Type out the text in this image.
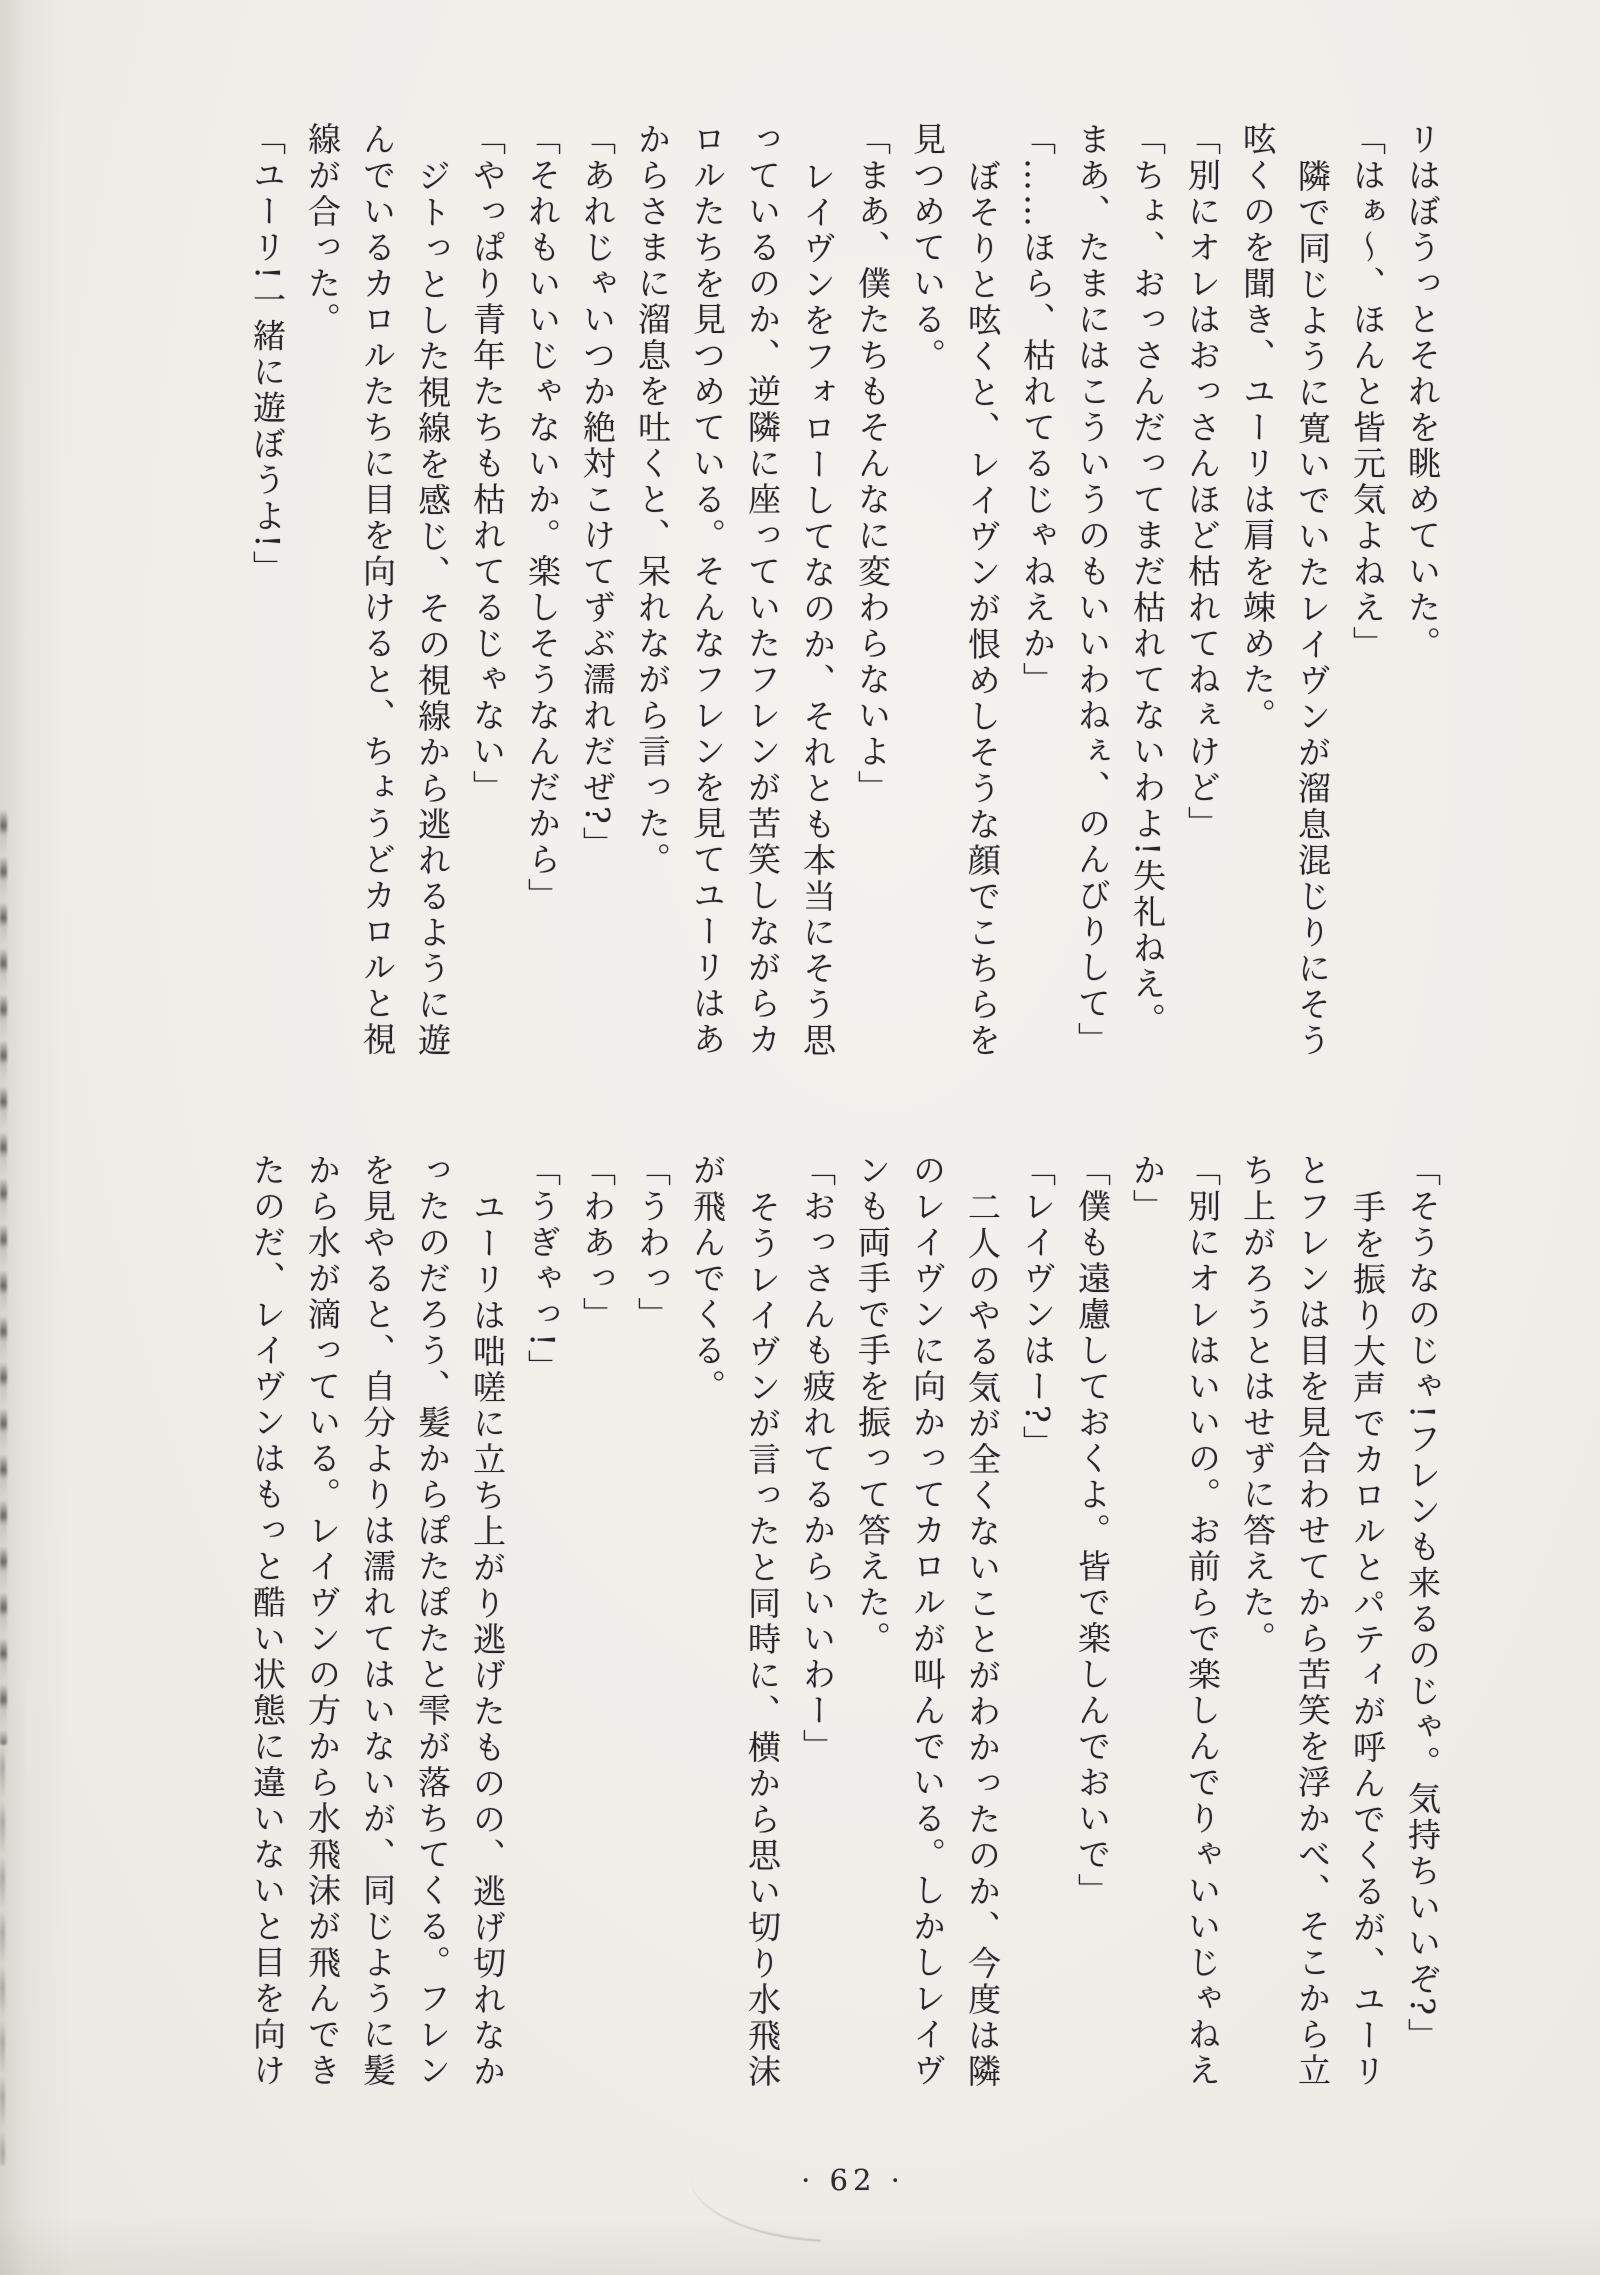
リはぼうっとそれを眺めていた。

「はぁ〜、ほんと皆元気よねえ」

隣で同じように寛いでいたレイヴンが溜息混じりにそう

呟くのを聞き、ユーリは肩を竦めた。

「別にオレはおっさんほど枯れてねぇけど」

「ちょ、おっさんだってまだ枯れてないわよ!失礼ねえ。

まあ、たまにはこういうのもいいわねぇ、のんびりして」

「……ほら、枯れてるじゃねえか」

ぼそりと呟くと、レイヴンが恨めしそうな顔でこちらを

見つめている。

「まあ、僕たちもそんなに変わらないよ」

レイヴンをフォローしてなのか、それとも本当にそう思

っているのか、逆隣に座っていたフレンが苦笑しながらカ

ロルたちを見つめている。そんなフレンを見てユーリはあ

からさまに溜息を吐くと、呆れながら言った。

「あれじゃいつか絶対こけてずぶ濡れだぜ?」

「それもいいじゃないか。楽しそうなんだから」

「やっぱり青年たちも枯れてるじゃない」

ジトっとした視線を感じ、その視線から逃れるように遊

んでいるカロルたちに目を向けると、ちょうどカロルと視

線が合った。

「ユーリ!一緒に遊ぼうよ!」

「そうなのじゃ!フレンも来るのじゃ。気持ちいいぞ?」

手を振り大声でカロルとパティが呼んでくるが、ユーリ

とフレンは目を見合わせてから苦笑を浮かべ、そこから立

ち上がろうとはせずに答えた。

「別にオレはいいの。お前らで楽しんでりゃいいじゃねえ

か」

「僕も遠慮しておくよ。皆で楽しんでおいで」

「レイヴンはー?」

二人のやる気が全くないことがわかったのか、今度は隣

のレイヴンに向かってカロルが叫んでいる。しかしレイヴ

ンも両手で手を振って答えた。

「おっさんも疲れてるからいいわー」

そうレイヴンが言ったと同時に、横から思い切り水飛沫

が飛んでくる。

「うわっ」

「わあっ」

「うぎゃっ!」

ユーリは咄嗟に立ち上がり逃げたものの、逃げ切れなか

ったのだろう、髪からぽたぽたと雫が落ちてくる。フレン

を見やると、自分よりは濡れてはいないが、同じように髪

から水が滴っている。レイヴンの方から水飛沫が飛んでき

たのだ、レイヴンはもっと酷い状態に違いないと目を向け

· 62 ·
